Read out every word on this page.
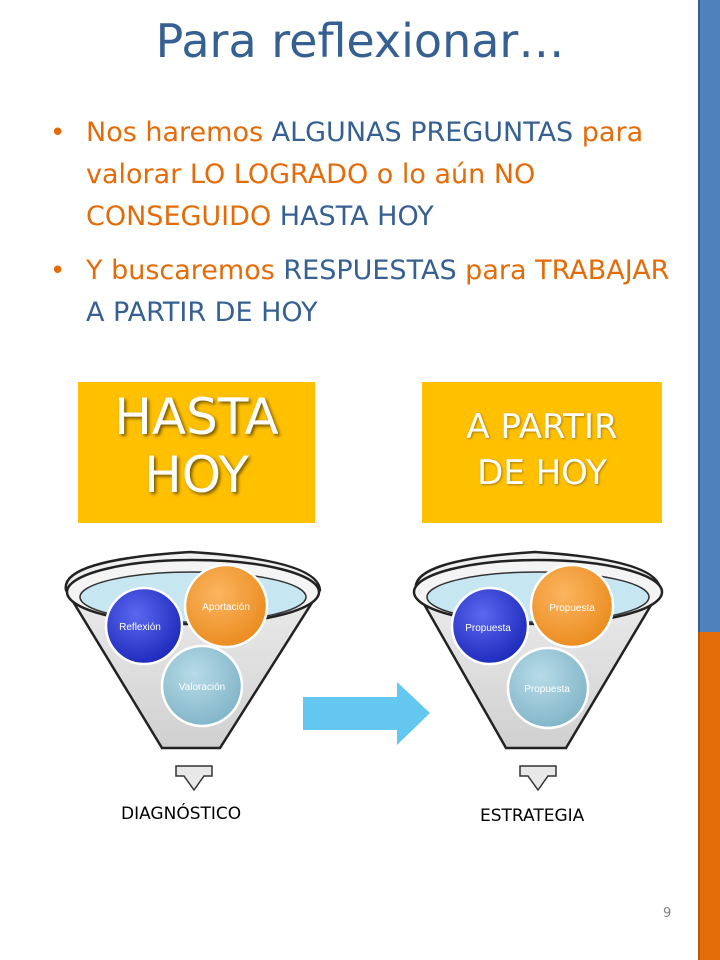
Para reflexionar…
• Nos haremos ALGUNAS PREGUNTAS para valorar LO LOGRADO o lo aún NO CONSEGUIDO HASTA HOY
• Y buscaremos RESPUESTAS para TRABAJAR A PARTIR DE HOY
HASTA
HOY
A PARTIR
DE HOY
Reflexión
Aportación
Valoración
Propuesta
Propuesta
Propuesta
DIAGNÓSTICO	ESTRATEGIA
9
